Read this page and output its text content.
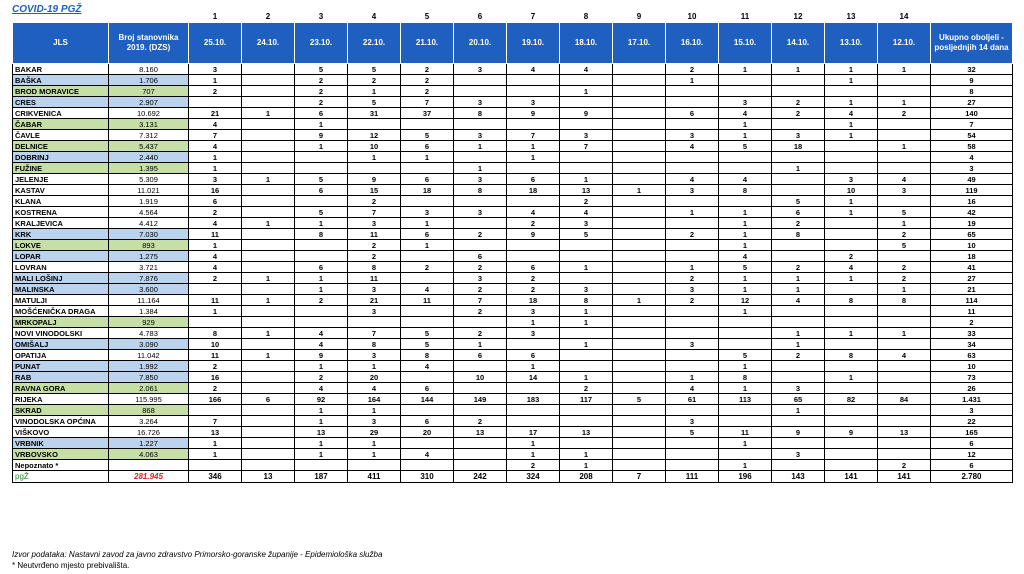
COVID-19 PGŽ
		1	2	3	4	5	6	7	8	9	10	11	12	13	14	
JLS	Broj stanovnika 2019. (DZS)	25.10.	24.10.	23.10.	22.10.	21.10.	20.10.	19.10.	18.10.	17.10.	16.10.	15.10.	14.10.	13.10.	12.10.	Ukupno oboljeli - posljednjih 14 dana
BAKAR	8.160	3		5	5	2	3	4	4		2	1	1	1	1	32
BAŠKA	1.706	1		2	2	2					1			1		9
BROD MORAVICE	707	2		2	1	2			1							8
CRES	2.907			2	5	7	3	3				3	2	1	1	27
CRIKVENICA	10.692	21	1	6	31	37	8	9	9		6	4	2	4	2	140
ČABAR	3.131	4		1								1		1		7
ČAVLE	7.312	7		9	12	5	3	7	3		3	1	3	1		54
DELNICE	5.437	4		1	10	6	1	1	7		4	5	18		1	58
DOBRINJ	2.440	1			1	1		1								4
FUŽINE	1.395	1					1						1			3
JELENJE	5.309	3	1	5	9	6	3	6	1		4	4		3	4	49
KASTAV	11.021	16		6	15	18	8	18	13	1	3	8		10	3	119
KLANA	1.919	6			2				2				5	1		16
KOSTRENA	4.564	2		5	7	3	3	4	4		1	1	6	1	5	42
KRALJEVICA	4.412	4	1	1	3	1		2	3			1	2		1	19
KRK	7.030	11		8	11	6	2	9	5		2	1	8		2	65
LOKVE	893	1			2	1						1			5	10
LOPAR	1.275	4			2		6					4		2		18
LOVRAN	3.721	4		6	8	2	2	6	1		1	5	2	4	2	41
MALI LOŠINJ	7.876	2	1	1	11		3	2			2	1	1	1	2	27
MALINSKA	3.600			1	3	4	2	2	3		3	1	1		1	21
MATULJI	11.164	11	1	2	21	11	7	18	8	1	2	12	4	8	8	114
MOŠĆENIČKA DRAGA	1.384	1			3		2	3	1			1				11
MRKOPALJ	929							1	1							2
NOVI VINODOLSKI	4.783	8	1	4	7	5	2	3					1	1	1	33
OMIŠALJ	3.090	10		4	8	5	1		1		3		1			34
OPATIJA	11.042	11	1	9	3	8	6	6				5	2	8	4	63
PUNAT	1.992	2		1	1	4		1				1				10
RAB	7.850	16		2	20		10	14	1		1	8		1		73
RAVNA GORA	2.061	2		4	4	6			2		4	1	3			26
RIJEKA	115.995	166	6	92	164	144	149	183	117	5	61	113	65	82	84	1.431
SKRAD	868			1	1								1			3
VINODOLSKA OPĆINA	3.264	7		1	3	6	2				3					22
VIŠKOVO	16.726	13		13	29	20	13	17	13		5	11	9	9	13	165
VRBNIK	1.227	1		1	1			1				1				6
VRBOVSKO	4.063	1		1	1	4		1	1				3			12
Nepoznato *								2	1			1			2	6
pgŽ	281.945	346	13	187	411	310	242	324	208	7	111	196	143	141	141	2.780
Izvor podataka: Nastavni zavod za javno zdravstvo Primorsko-goranske županije - Epidemiološka služba
* Neutvrđeno mjesto prebivališta.
